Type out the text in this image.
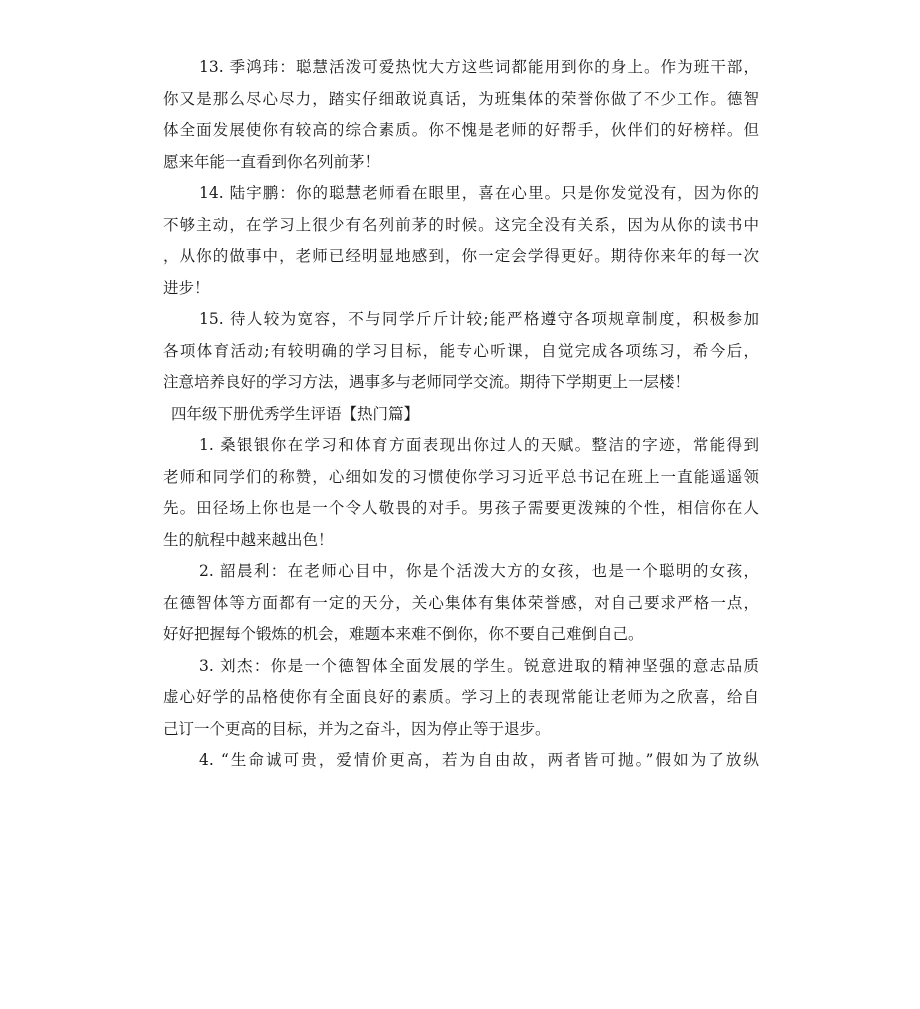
13. 季鸿玮：聪慧活泼可爱热忱大方这些词都能用到你的身上。作为班干部，
你又是那么尽心尽力，踏实仔细敢说真话，为班集体的荣誉你做了不少工作。德智
体全面发展使你有较高的综合素质。你不愧是老师的好帮手，伙伴们的好榜样。但
愿来年能一直看到你名列前茅！
14. 陆宇鹏：你的聪慧老师看在眼里，喜在心里。只是你发觉没有，因为你的
不够主动，在学习上很少有名列前茅的时候。这完全没有关系，因为从你的读书中
，从你的做事中，老师已经明显地感到，你一定会学得更好。期待你来年的每一次
进步！
15. 待人较为宽容，不与同学斤斤计较;能严格遵守各项规章制度，积极参加
各项体育活动;有较明确的学习目标，能专心听课，自觉完成各项练习，希今后，
注意培养良好的学习方法，遇事多与老师同学交流。期待下学期更上一层楼！
四年级下册优秀学生评语【热门篇】
1. 桑银银你在学习和体育方面表现出你过人的天赋。整洁的字迹，常能得到
老师和同学们的称赞，心细如发的习惯使你学习习近平总书记在班上一直能遥遥领
先。田径场上你也是一个令人敬畏的对手。男孩子需要更泼辣的个性，相信你在人
生的航程中越来越出色！
2. 韶晨利：在老师心目中，你是个活泼大方的女孩，也是一个聪明的女孩，
在德智体等方面都有一定的天分，关心集体有集体荣誉感，对自己要求严格一点，
好好把握每个锻炼的机会，难题本来难不倒你，你不要自己难倒自己。
3. 刘杰：你是一个德智体全面发展的学生。锐意进取的精神坚强的意志品质
虚心好学的品格使你有全面良好的素质。学习上的表现常能让老师为之欣喜，给自
己订一个更高的目标，并为之奋斗，因为停止等于退步。
4. “生命诚可贵，爱情价更高，若为自由故，两者皆可抛。”假如为了放纵
